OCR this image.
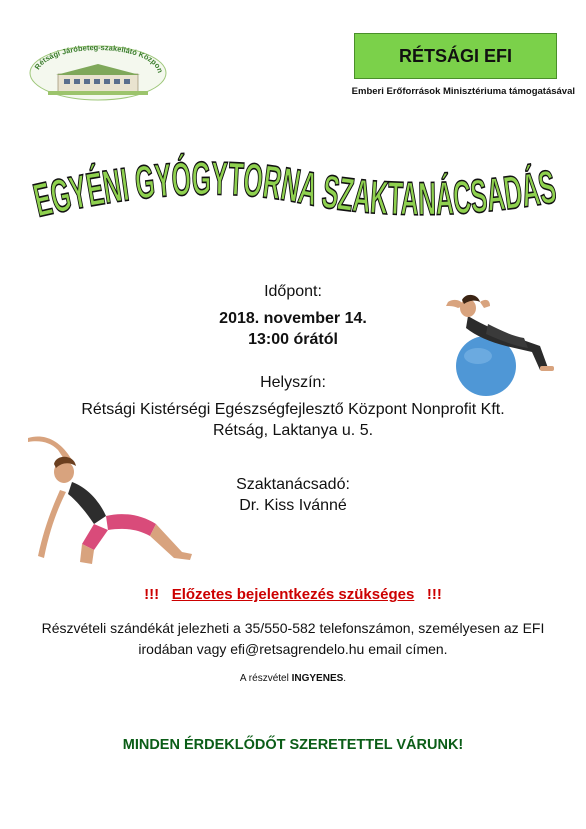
Rétsági Járóbeteg-szakellátó Közpon
RÉTSÁGI EFI
Emberi Erőforrások Minisztériuma támogatásával
EGYÉNI GYÓGYTORNA SZAKTANÁCSADÁ
Időpont:
2018. november 14.
13:00 órától
Helyszín:
Rétsági Kistérségi Egészségfejlesztő Központ Nonprofit Kft.
Rétság, Laktanya u. 5.
Szaktanácsadó:
Dr. Kiss Ivánné
!!! Előzetes bejelentkezés szükséges !!!
Részvételi szándékát jelezheti a 35/550-582 telefonszámon, személyesen az EFI
irodában vagy efi@retsagrendelo.hu email címen.
A részvétel INGYENES.
MINDEN ÉRDEKLŐDŐT SZERETETTEL VÁRUNK!
